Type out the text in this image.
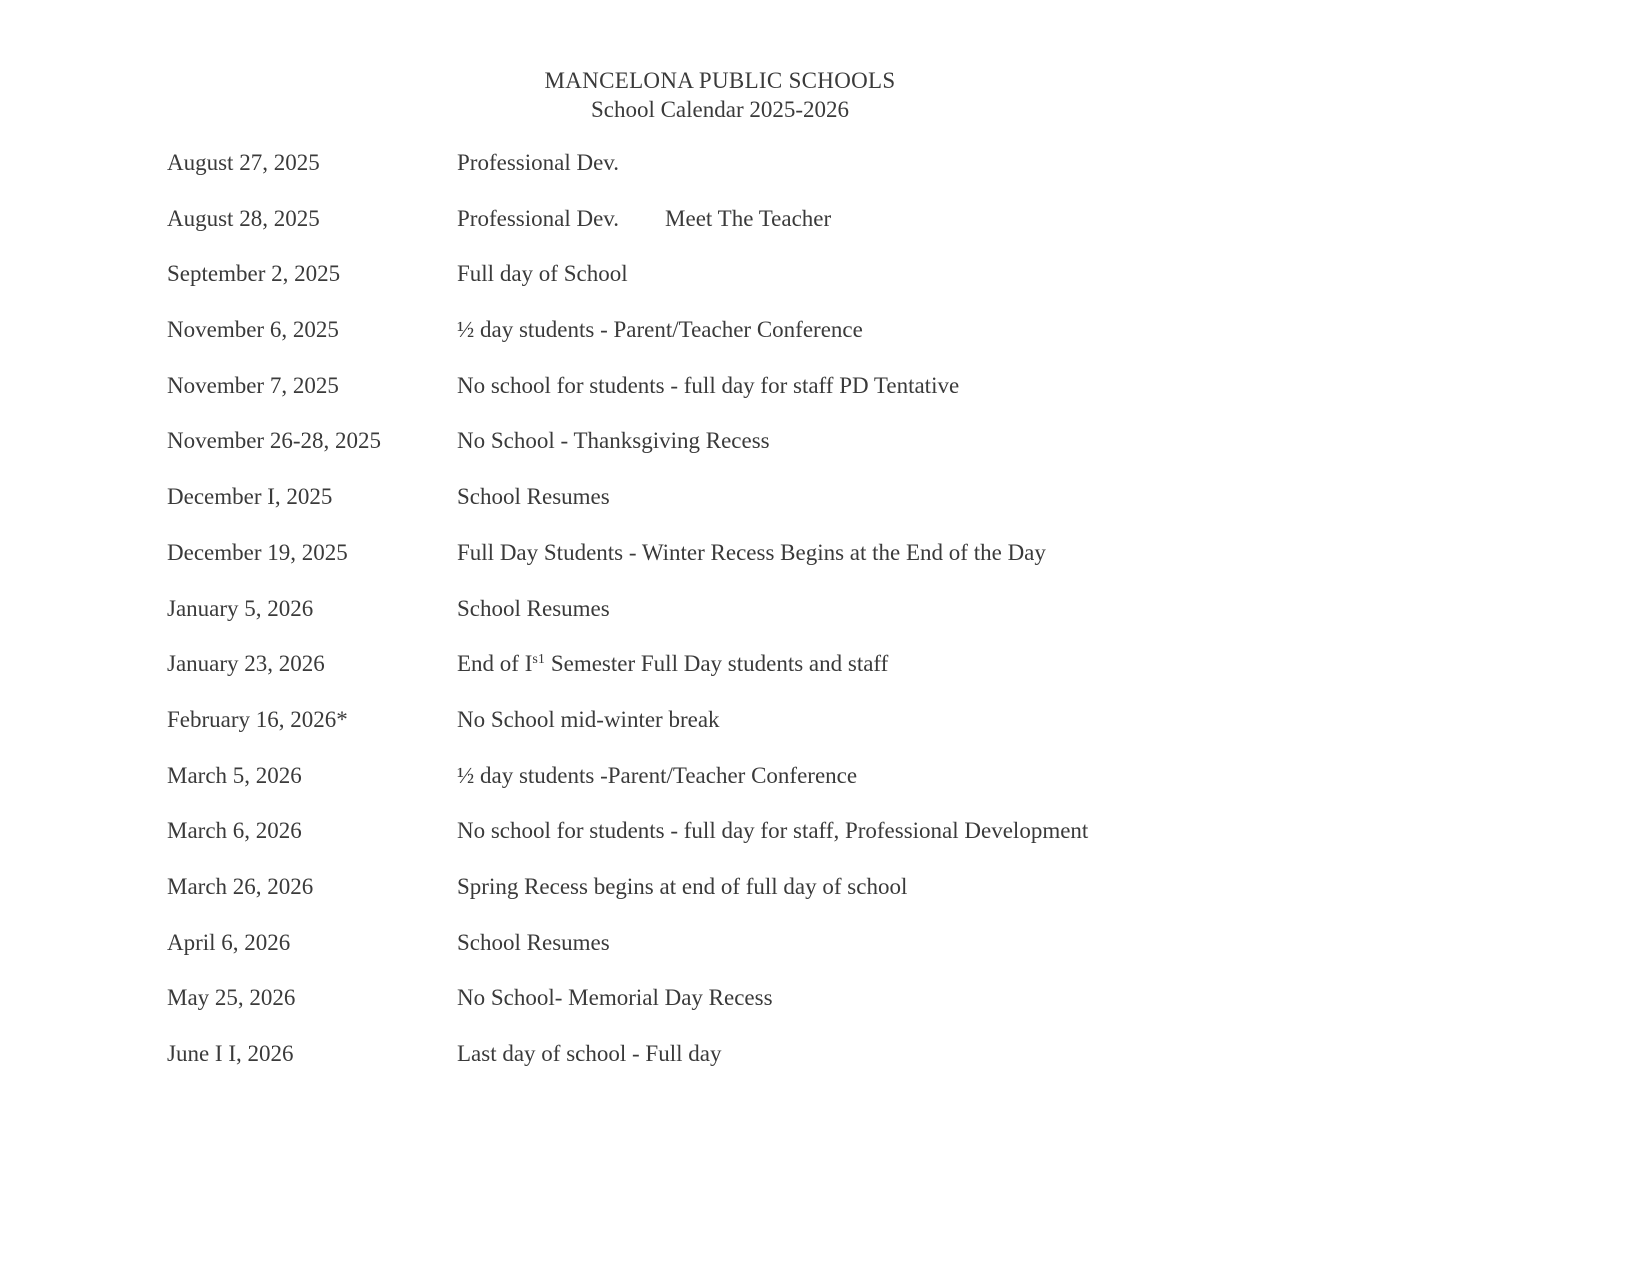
MANCELONA PUBLIC SCHOOLS
School Calendar 2025-2026
August 27, 2025	Professional Dev.
August 28, 2025	Professional Dev. Meet The Teacher
September 2, 2025	Full day of School
November 6, 2025	½ day students - Parent/Teacher Conference
November 7, 2025	No school for students - full day for staff PD Tentative
November 26-28, 2025	No School - Thanksgiving Recess
December I, 2025	School Resumes
December 19, 2025	Full Day Students - Winter Recess Begins at the End of the Day
January 5, 2026	School Resumes
January 23, 2026	End of $I^{s1}$ Semester Full Day students and staff
February 16, 2026*	No School mid-winter break
March 5, 2026	½ day students -Parent/Teacher Conference
March 6, 2026	No school for students - full day for staff, Professional Development
March 26, 2026	Spring Recess begins at end of full day of school
April 6, 2026	School Resumes
May 25, 2026	No School- Memorial Day Recess
June I I, 2026	Last day of school - Full day
